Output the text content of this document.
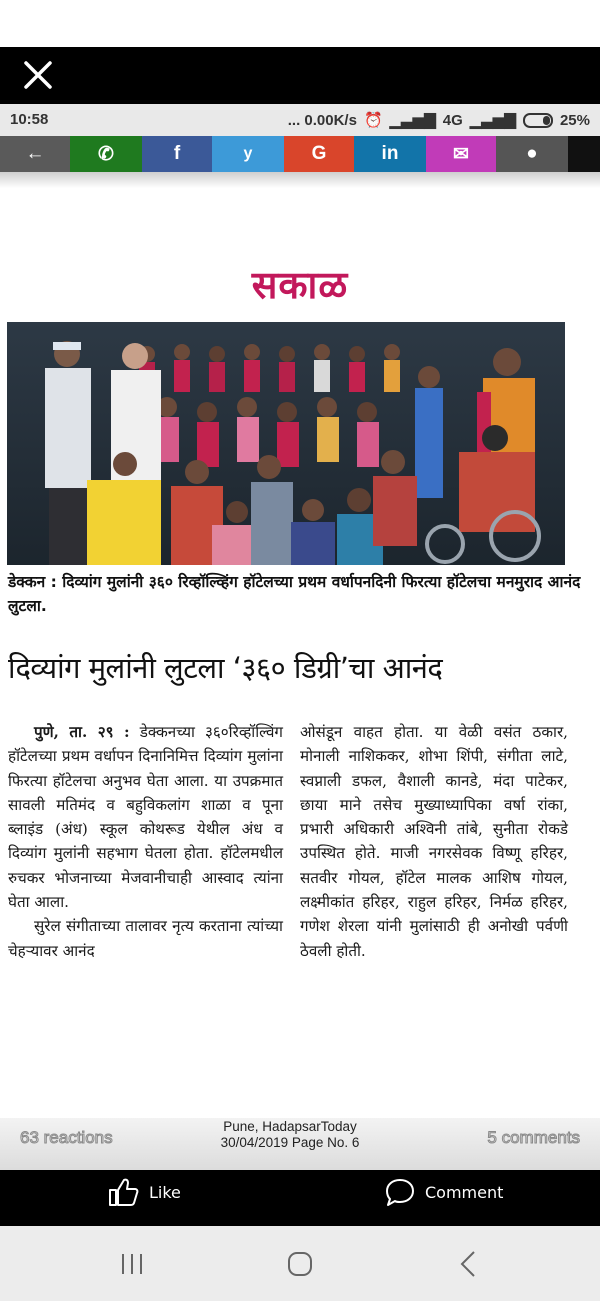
10:58	... 0.00K/s ⏰ ▁▃▅▇ 4G ▁▃▅▇	25%
←	✆	f	y	G	in	✉	●
सकाळ
डेक्कन : दिव्यांग मुलांनी ३६० रिव्हॉल्व्हिंग हॉटेलच्या प्रथम वर्धापनदिनी फिरत्या हॉटेलचा मनमुराद आनंद लुटला.
दिव्यांग मुलांनी लुटला ‘३६० डिग्री’चा आनंद

पुणे, ता. २९ : डेक्कनच्या ३६०रिव्हॉल्विंग हॉटेलच्या प्रथम वर्धापन दिनानिमित्त दिव्यांग मुलांना फिरत्या हॉटेलचा अनुभव घेता आला. या उपक्रमात सावली मतिमंद व बहुविकलांग शाळा व पूना ब्लाइंड (अंध) स्कूल कोथरूड येथील अंध व दिव्यांग मुलांनी सहभाग घेतला होता. हॉटेलमधील रुचकर भोजनाच्या मेजवानीचाही आस्वाद त्यांना घेता आला.

सुरेल संगीताच्या तालावर नृत्य करताना त्यांच्या चेहऱ्यावर आनंद

ओसंडून वाहत होता. या वेळी वसंत ठकार, मोनाली नाशिककर, शोभा शिंपी, संगीता लाटे, स्वप्नाली डफल, वैशाली कानडे, मंदा पाटेकर, छाया माने तसेच मुख्याध्यापिका वर्षा रांका, प्रभारी अधिकारी अश्विनी तांबे, सुनीता रोकडे उपस्थित होते. माजी नगरसेवक विष्णू हरिहर, सतवीर गोयल, हॉटेल मालक आशिष गोयल, लक्ष्मीकांत हरिहर, राहुल हरिहर, निर्मळ हरिहर, गणेश शेरला यांनी मुलांसाठी ही अनोखी पर्वणी ठेवली होती.
63 reactions
Pune, HadapsarToday
30/04/2019 Page No. 6	5 comments
Like	Comment
